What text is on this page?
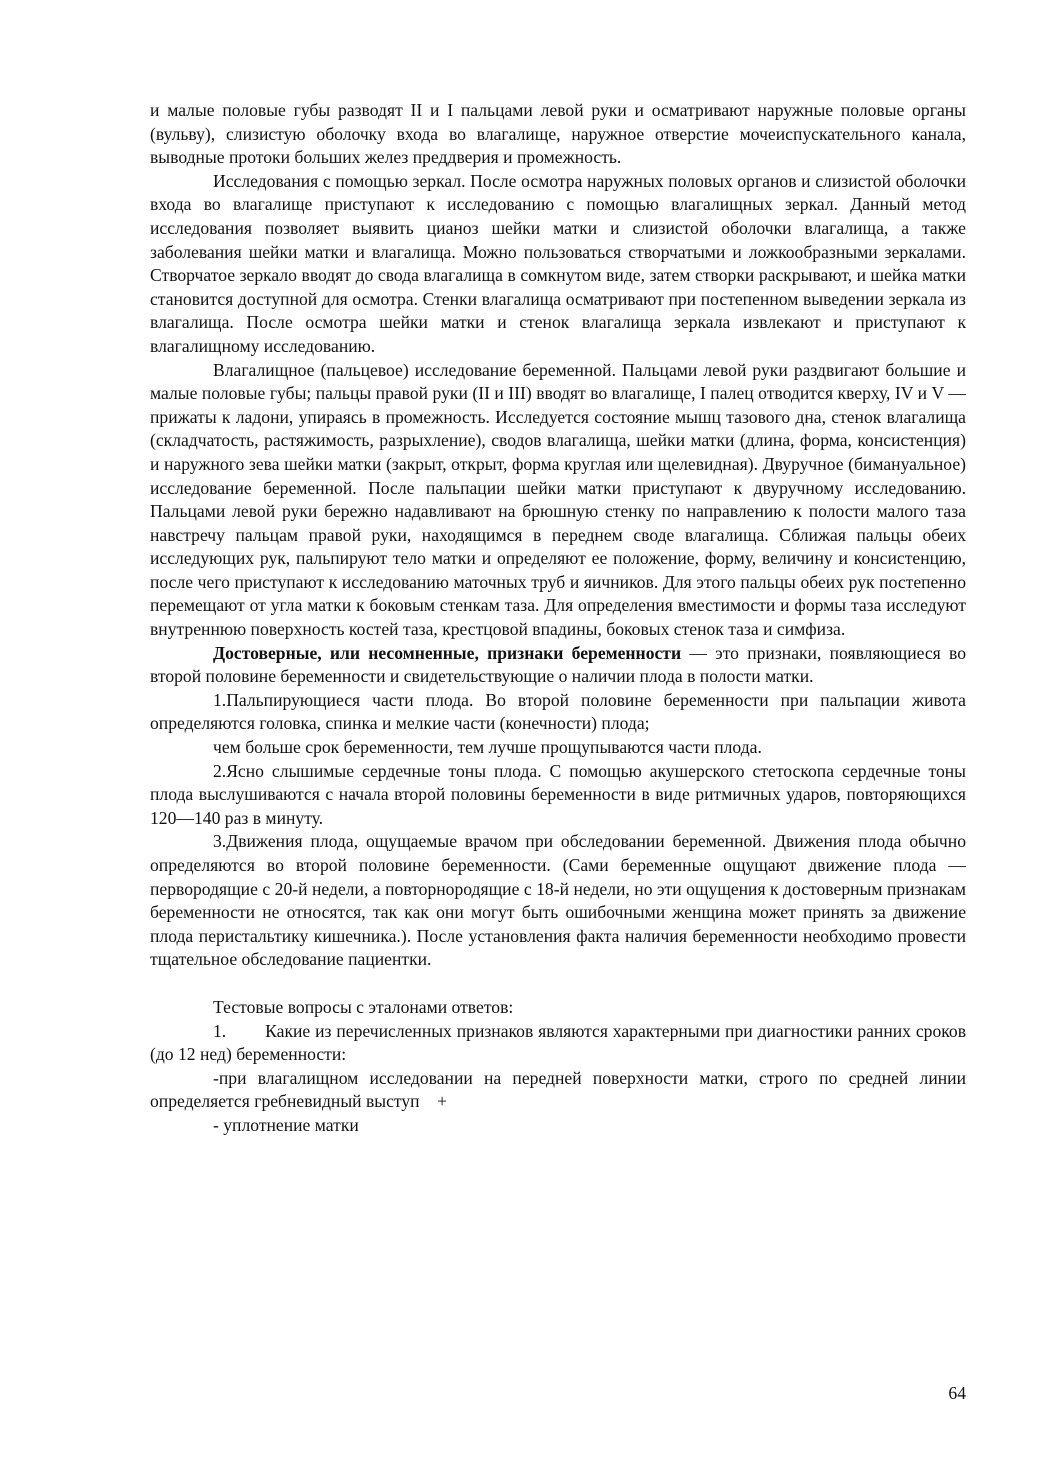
и малые половые губы разводят II и I пальцами левой руки и осматривают наружные половые органы (вульву), слизистую оболочку входа во влагалище, наружное отверстие мочеиспускательного канала, выводные протоки больших желез преддверия и промежность.

Исследования с помощью зеркал. После осмотра наружных половых органов и слизистой оболочки входа во влагалище приступают к исследованию с помощью влагалищных зеркал. Данный метод исследования позволяет выявить цианоз шейки матки и слизистой оболочки влагалища, а также заболевания шейки матки и влагалища. Можно пользоваться створчатыми и ложкообразными зеркалами. Створчатое зеркало вводят до свода влагалища в сомкнутом виде, затем створки раскрывают, и шейка матки становится доступной для осмотра. Стенки влагалища осматривают при постепенном выведении зеркала из влагалища. После осмотра шейки матки и стенок влагалища зеркала извлекают и приступают к влагалищному исследованию.

Влагалищное (пальцевое) исследование беременной. Пальцами левой руки раздвигают большие и малые половые губы; пальцы правой руки (II и III) вводят во влагалище, I палец отводится кверху, IV и V —прижаты к ладони, упираясь в промежность. Исследуется состояние мышц тазового дна, стенок влагалища (складчатость, растяжимость, разрыхление), сводов влагалища, шейки матки (длина, форма, консистенция) и наружного зева шейки матки (закрыт, открыт, форма круглая или щелевидная). Двуручное (бимануальное) исследование беременной. После пальпации шейки матки приступают к двуручному исследованию. Пальцами левой руки бережно надавливают на брюшную стенку по направлению к полости малого таза навстречу пальцам правой руки, находящимся в переднем своде влагалища. Сближая пальцы обеих исследующих рук, пальпируют тело матки и определяют ее положение, форму, величину и консистенцию, после чего приступают к исследованию маточных труб и яичников. Для этого пальцы обеих рук постепенно перемещают от угла матки к боковым стенкам таза. Для определения вместимости и формы таза исследуют внутреннюю поверхность костей таза, крестцовой впадины, боковых стенок таза и симфиза.

Достоверные, или несомненные, признаки беременности — это признаки, появляющиеся во второй половине беременности и свидетельствующие о наличии плода в полости матки.

1.Пальпирующиеся части плода. Во второй половине беременности при пальпации живота определяются головка, спинка и мелкие части (конечности) плода;

чем больше срок беременности, тем лучше прощупываются части плода.

2.Ясно слышимые сердечные тоны плода. С помощью акушерского стетоскопа сердечные тоны плода выслушиваются с начала второй половины беременности в виде ритмичных ударов, повторяющихся 120—140 раз в минуту.

3.Движения плода, ощущаемые врачом при обследовании беременной. Движения плода обычно определяются во второй половине беременности. (Сами беременные ощущают движение плода — первородящие с 20-й недели, а повторнородящие с 18-й недели, но эти ощущения к достоверным признакам беременности не относятся, так как они могут быть ошибочными женщина может принять за движение плода перистальтику кишечника.). После установления факта наличия беременности необходимо провести тщательное обследование пациентки.

Тестовые вопросы с эталонами ответов:

1.        Какие из перечисленных признаков являются характерными при диагностики ранних сроков (до 12 нед) беременности:

-при влагалищном исследовании на передней поверхности матки, строго по средней линии определяется гребневидный выступ    +

- уплотнение матки

64
